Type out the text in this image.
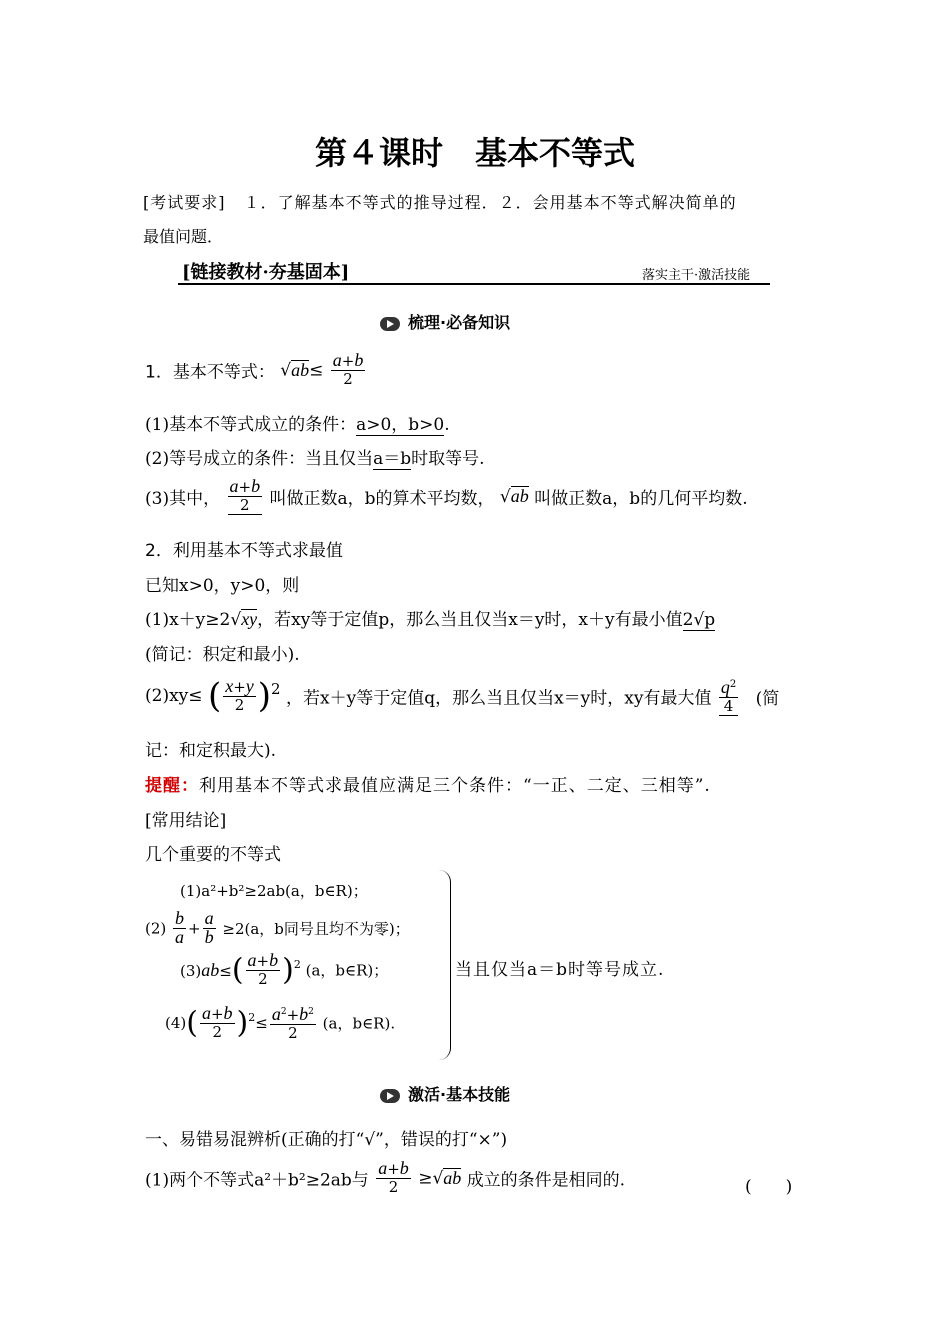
第４课时　基本不等式
[考试要求] １．了解基本不等式的推导过程．２．会用基本不等式解决简单的
最值问题．
[链接教材·夯基固本]	落实主干·激活技能
梳理·必备知识
1．基本不等式： $√ab\le \frac{a+b}{2}$
(1)基本不等式成立的条件：a>0，b>0.
(2)等号成立的条件：当且仅当a＝b时取等号.
(3)其中， $\frac{a+b}{2}$ 叫做正数a，b的算术平均数， √ab 叫做正数a，b的几何平均数.
2．利用基本不等式求最值
已知x>0，y>0，则
(1)x＋y≥2√xy，若xy等于定值p，那么当且仅当x＝y时，x＋y有最小值2√p
(简记：积定和最小).
(2)xy≤ ( $\frac{x+y}{2} )^2$ ，若x＋y等于定值q，那么当且仅当x＝y时，xy有最大值 $\frac{q^2}{4}$ (简
记：和定积最大).
提醒：利用基本不等式求最值应满足三个条件：“一正、二定、三相等”.
[常用结论]
几个重要的不等式
(1)a²+b²≥2ab(a，b∈R)；
$(2) \frac{b}{a} + \frac{a}{b} \ge 2(a$，b同号且均不为零)；
$(3)ab\le( \frac{a+b}{2} )^2$ (a，b∈R)；
$(4)( \frac{a+b}{2} )^2\le \frac{a^2+b^2}{2} (a$，b∈R).
当且仅当a＝b时等号成立.
激活·基本技能
一、易错易混辨析(正确的打“√”，错误的打“×”)
(1)两个不等式a²＋b²≥2ab与 $\frac{a+b}{2} \ge√ab$ 成立的条件是相同的.	(　　)
